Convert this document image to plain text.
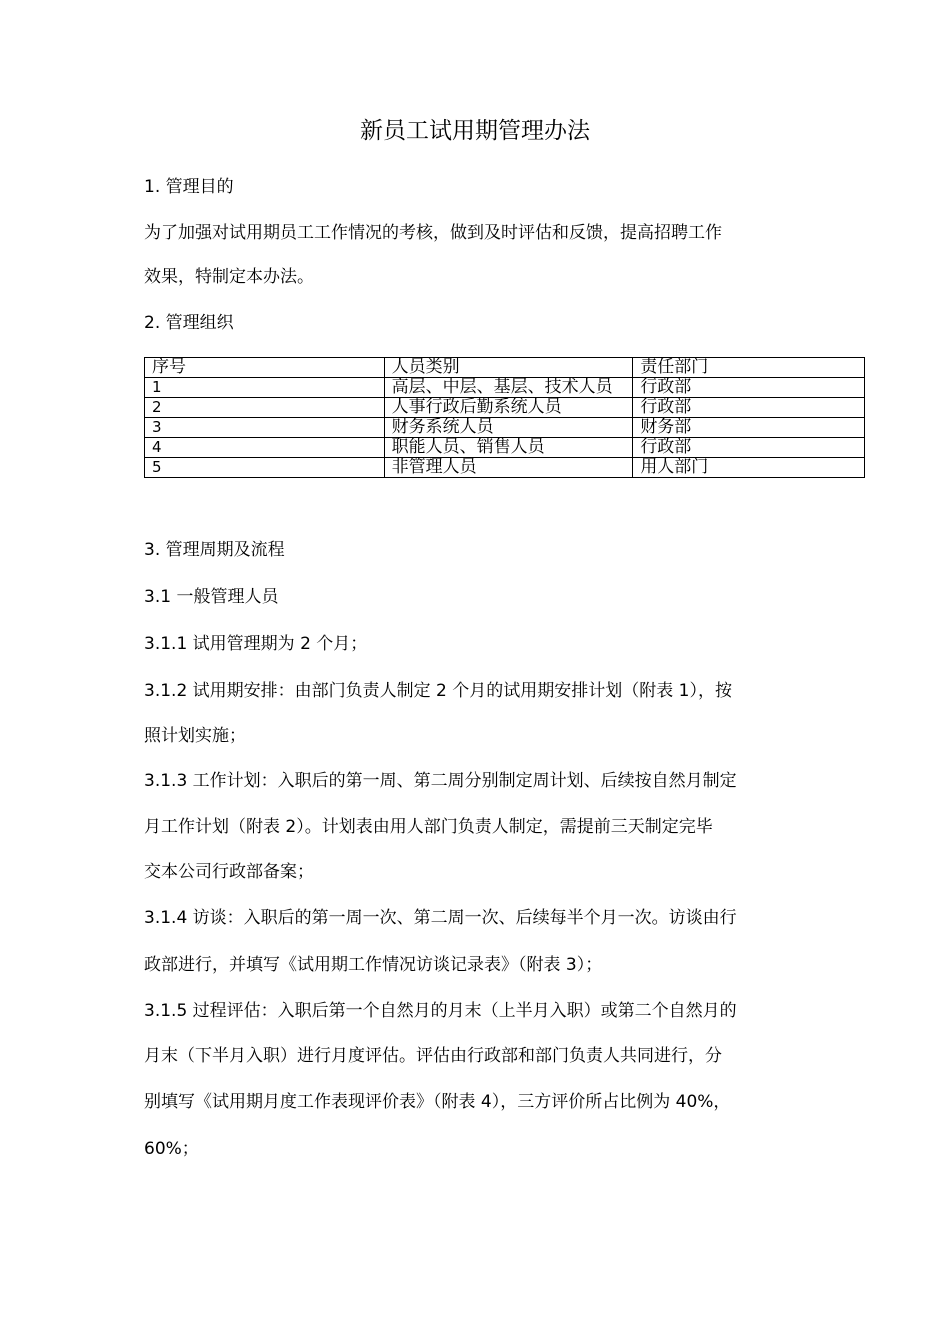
新员工试用期管理办法
1. 管理目的
为了加强对试用期员工工作情况的考核，做到及时评估和反馈，提高招聘工作
效果，特制定本办法。
2. 管理组织
序号	人员类别	责任部门
1	高层、中层、基层、技术人员	行政部
2	人事行政后勤系统人员	行政部
3	财务系统人员	财务部
4	职能人员、销售人员	行政部
5	非管理人员	用人部门
3. 管理周期及流程
3.1 一般管理人员
3.1.1 试用管理期为 2 个月；
3.1.2 试用期安排：由部门负责人制定 2 个月的试用期安排计划（附表 1），按
照计划实施；
3.1.3 工作计划：入职后的第一周、第二周分别制定周计划、后续按自然月制定
月工作计划（附表 2）。计划表由用人部门负责人制定，需提前三天制定完毕
交本公司行政部备案；
3.1.4 访谈：入职后的第一周一次、第二周一次、后续每半个月一次。访谈由行
政部进行，并填写《试用期工作情况访谈记录表》（附表 3）；
3.1.5 过程评估：入职后第一个自然月的月末（上半月入职）或第二个自然月的
月末（下半月入职）进行月度评估。评估由行政部和部门负责人共同进行，分
别填写《试用期月度工作表现评价表》（附表 4），三方评价所占比例为 40%，
60%；
